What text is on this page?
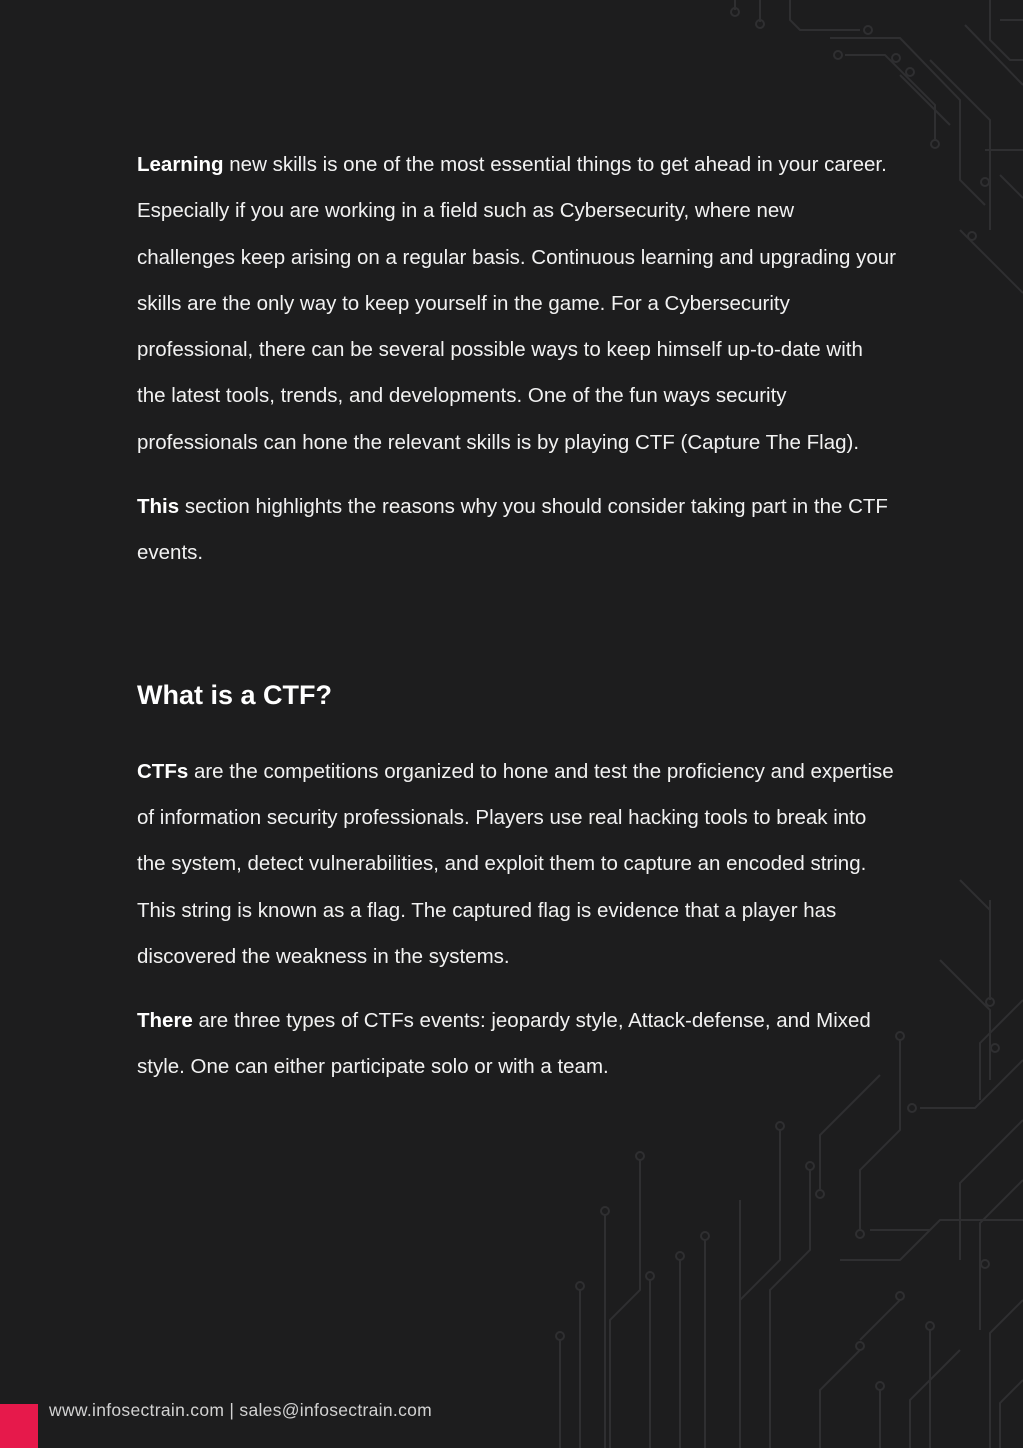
Learning new skills is one of the most essential things to get ahead in your career. Especially if you are working in a field such as Cybersecurity, where new challenges keep arising on a regular basis. Continuous learning and upgrading your skills are the only way to keep yourself in the game. For a Cybersecurity professional, there can be several possible ways to keep himself up-to-date with the latest tools, trends, and developments. One of the fun ways security professionals can hone the relevant skills is by playing CTF (Capture The Flag).

This section highlights the reasons why you should consider taking part in the CTF events.

What is a CTF?

CTFs are the competitions organized to hone and test the proficiency and expertise of information security professionals. Players use real hacking tools to break into the system, detect vulnerabilities, and exploit them to capture an encoded string. This string is known as a flag. The captured flag is evidence that a player has discovered the weakness in the systems.

There are three types of CTFs events: jeopardy style, Attack-defense, and Mixed style. One can either participate solo or with a team.

www.infosectrain.com | sales@infosectrain.com
